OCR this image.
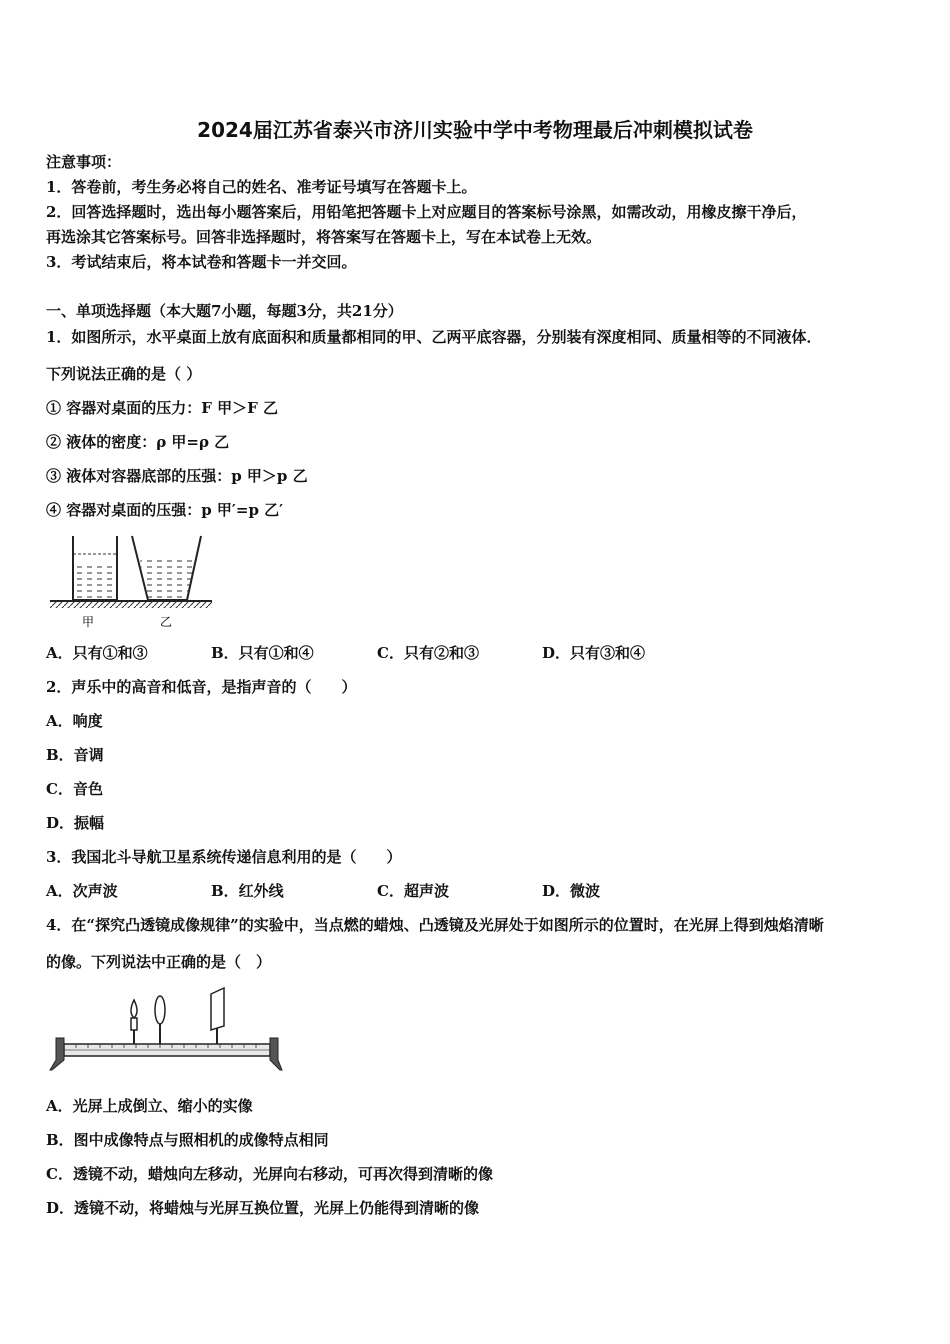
2024届江苏省泰兴市济川实验中学中考物理最后冲刺模拟试卷
注意事项：
1．答卷前，考生务必将自己的姓名、准考证号填写在答题卡上。
2．回答选择题时，选出每小题答案后，用铅笔把答题卡上对应题目的答案标号涂黑，如需改动，用橡皮擦干净后，
再选涂其它答案标号。回答非选择题时，将答案写在答题卡上，写在本试卷上无效。
3．考试结束后，将本试卷和答题卡一并交回。
一、单项选择题（本大题7小题，每题3分，共21分）
1．如图所示，水平桌面上放有底面积和质量都相同的甲、乙两平底容器，分别装有深度相同、质量相等的不同液体．
下列说法正确的是（ ）
① 容器对桌面的压力：F 甲＞F 乙
② 液体的密度：ρ 甲=ρ 乙
③ 液体对容器底部的压强：p 甲＞p 乙
④ 容器对桌面的压强：p 甲′=p 乙′
甲	乙
A．只有①和③	B．只有①和④	C．只有②和③	D．只有③和④
2．声乐中的高音和低音，是指声音的（　　）
A．响度
B．音调
C．音色
D．振幅
3．我国北斗导航卫星系统传递信息利用的是（　　）
A．次声波	B．红外线	C．超声波	D．微波
4．在“探究凸透镜成像规律”的实验中，当点燃的蜡烛、凸透镜及光屏处于如图所示的位置时，在光屏上得到烛焰清晰
的像。下列说法中正确的是（　）
A．光屏上成倒立、缩小的实像
B．图中成像特点与照相机的成像特点相同
C．透镜不动，蜡烛向左移动，光屏向右移动，可再次得到清晰的像
D．透镜不动，将蜡烛与光屏互换位置，光屏上仍能得到清晰的像
